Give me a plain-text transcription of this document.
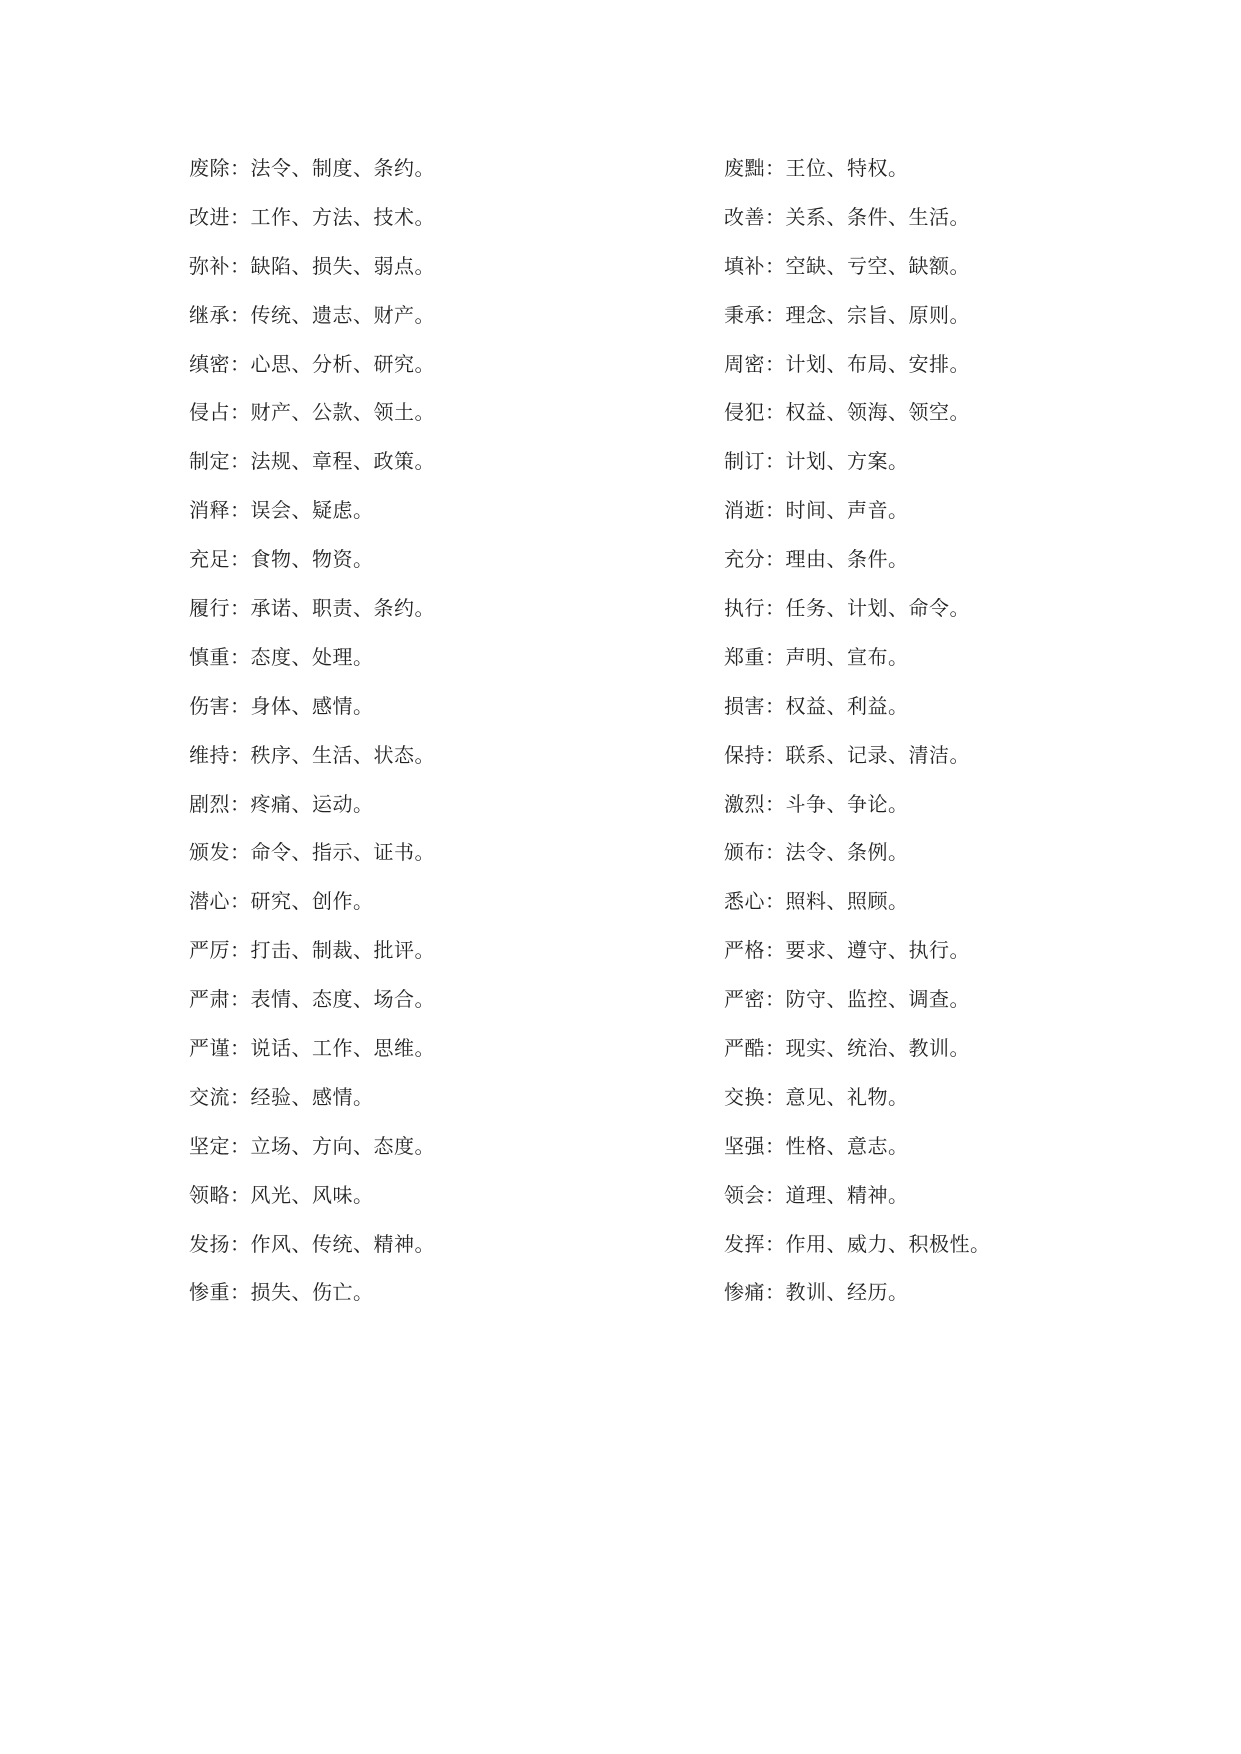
废除：法令、制度、条约。	废黜：王位、特权。
改进：工作、方法、技术。	改善：关系、条件、生活。
弥补：缺陷、损失、弱点。	填补：空缺、亏空、缺额。
继承：传统、遗志、财产。	秉承：理念、宗旨、原则。
缜密：心思、分析、研究。	周密：计划、布局、安排。
侵占：财产、公款、领土。	侵犯：权益、领海、领空。
制定：法规、章程、政策。	制订：计划、方案。
消释：误会、疑虑。	消逝：时间、声音。
充足：食物、物资。	充分：理由、条件。
履行：承诺、职责、条约。	执行：任务、计划、命令。
慎重：态度、处理。	郑重：声明、宣布。
伤害：身体、感情。	损害：权益、利益。
维持：秩序、生活、状态。	保持：联系、记录、清洁。
剧烈：疼痛、运动。	激烈：斗争、争论。
颁发：命令、指示、证书。	颁布：法令、条例。
潜心：研究、创作。	悉心：照料、照顾。
严厉：打击、制裁、批评。	严格：要求、遵守、执行。
严肃：表情、态度、场合。	严密：防守、监控、调查。
严谨：说话、工作、思维。	严酷：现实、统治、教训。
交流：经验、感情。	交换：意见、礼物。
坚定：立场、方向、态度。	坚强：性格、意志。
领略：风光、风味。	领会：道理、精神。
发扬：作风、传统、精神。	发挥：作用、威力、积极性。
惨重：损失、伤亡。	惨痛：教训、经历。
